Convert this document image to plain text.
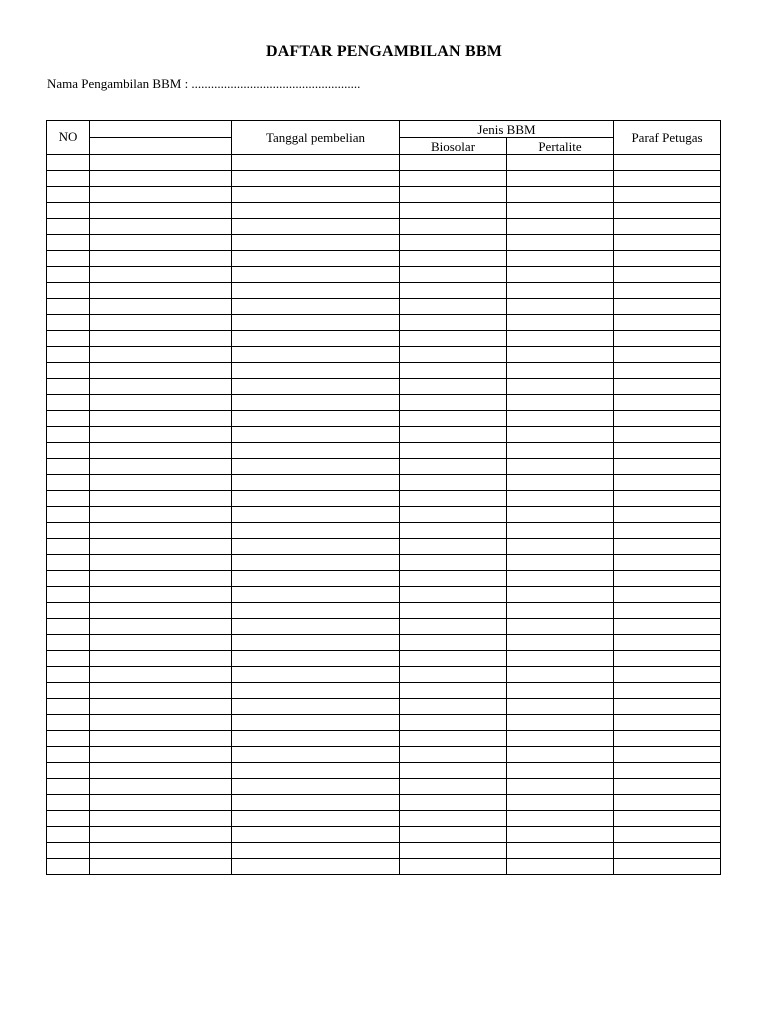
DAFTAR PENGAMBILAN BBM
Nama Pengambilan BBM : ....................................................
NO		Tanggal pembelian	Jenis BBM		Paraf Petugas
			Biosolar	Pertalite	
